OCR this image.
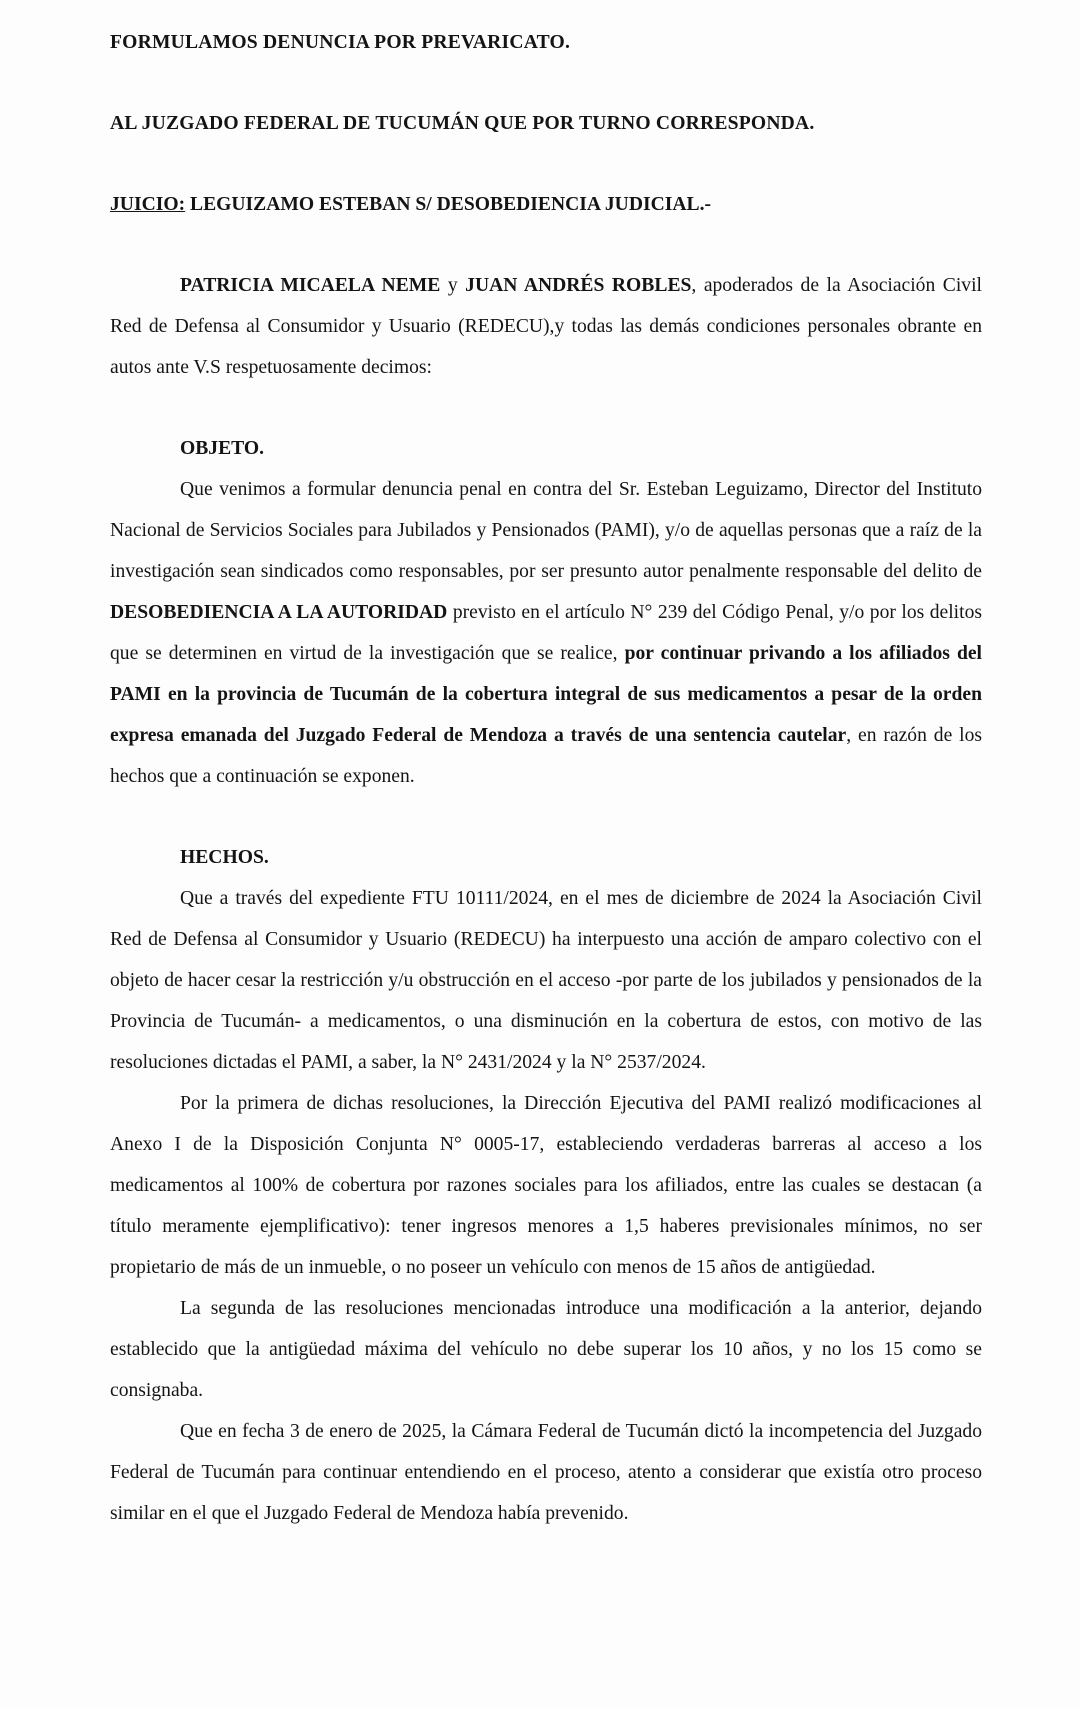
FORMULAMOS DENUNCIA POR PREVARICATO.
AL JUZGADO FEDERAL DE TUCUMÁN QUE POR TURNO CORRESPONDA.
JUICIO: LEGUIZAMO ESTEBAN S/ DESOBEDIENCIA JUDICIAL.-

PATRICIA MICAELA NEME y JUAN ANDRÉS ROBLES, apoderados de la Asociación Civil Red de Defensa al Consumidor y Usuario (REDECU),y todas las demás condiciones personales obrante en autos ante V.S respetuosamente decimos:

OBJETO.

Que venimos a formular denuncia penal en contra del Sr. Esteban Leguizamo, Director del Instituto Nacional de Servicios Sociales para Jubilados y Pensionados (PAMI), y/o de aquellas personas que a raíz de la investigación sean sindicados como responsables, por ser presunto autor penalmente responsable del delito de DESOBEDIENCIA A LA AUTORIDAD previsto en el artículo N° 239 del Código Penal, y/o por los delitos que se determinen en virtud de la investigación que se realice, por continuar privando a los afiliados del PAMI en la provincia de Tucumán de la cobertura integral de sus medicamentos a pesar de la orden expresa emanada del Juzgado Federal de Mendoza a través de una sentencia cautelar, en razón de los hechos que a continuación se exponen.

HECHOS.

Que a través del expediente FTU 10111/2024, en el mes de diciembre de 2024 la Asociación Civil Red de Defensa al Consumidor y Usuario (REDECU) ha interpuesto una acción de amparo colectivo con el objeto de hacer cesar la restricción y/u obstrucción en el acceso -por parte de los jubilados y pensionados de la Provincia de Tucumán- a medicamentos, o una disminución en la cobertura de estos, con motivo de las resoluciones dictadas el PAMI, a saber, la N° 2431/2024 y la N° 2537/2024.

Por la primera de dichas resoluciones, la Dirección Ejecutiva del PAMI realizó modificaciones al Anexo I de la Disposición Conjunta N° 0005-17, estableciendo verdaderas barreras al acceso a los medicamentos al 100% de cobertura por razones sociales para los afiliados, entre las cuales se destacan (a título meramente ejemplificativo): tener ingresos menores a 1,5 haberes previsionales mínimos, no ser propietario de más de un inmueble, o no poseer un vehículo con menos de 15 años de antigüedad.

La segunda de las resoluciones mencionadas introduce una modificación a la anterior, dejando establecido que la antigüedad máxima del vehículo no debe superar los 10 años, y no los 15 como se consignaba.

Que en fecha 3 de enero de 2025, la Cámara Federal de Tucumán dictó la incompetencia del Juzgado Federal de Tucumán para continuar entendiendo en el proceso, atento a considerar que existía otro proceso similar en el que el Juzgado Federal de Mendoza había prevenido.
